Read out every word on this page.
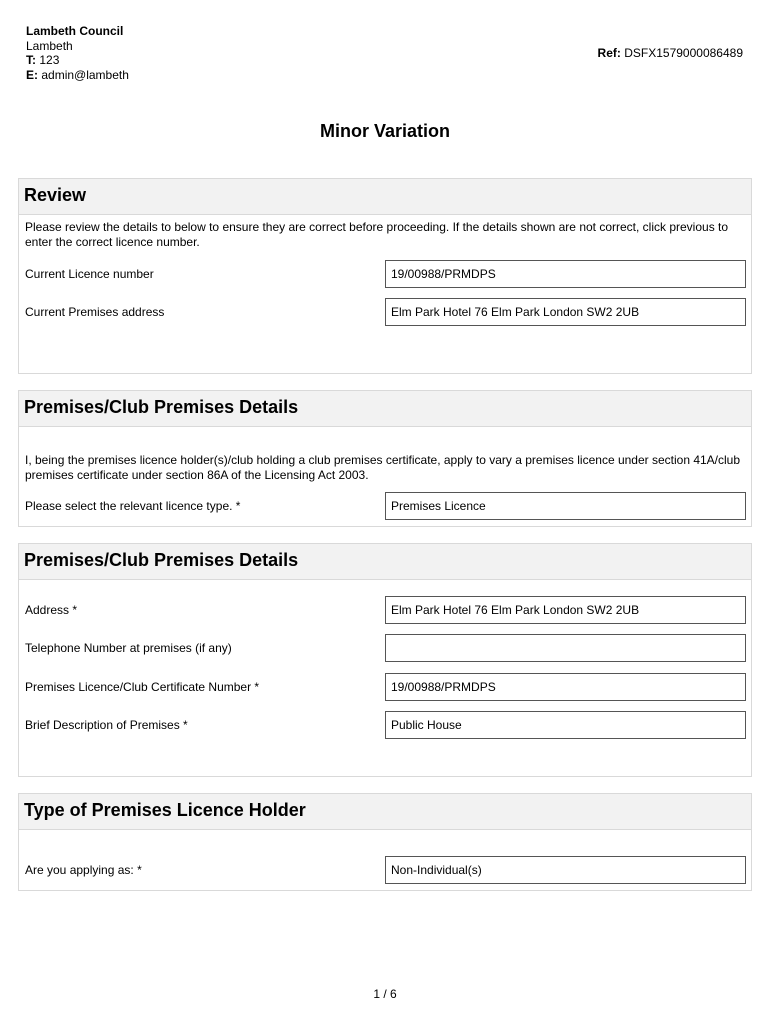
Lambeth Council
Lambeth
T: 123
E: admin@lambeth
Ref: DSFX1579000086489
Minor Variation
Review
Please review the details to below to ensure they are correct before proceeding. If the details shown are not correct, click previous to enter the correct licence number.
Current Licence number	19/00988/PRMDPS
Current Premises address	Elm Park Hotel 76 Elm Park London SW2 2UB
Premises/Club Premises Details
I, being the premises licence holder(s)/club holding a club premises certificate, apply to vary a premises licence under section 41A/club premises certificate under section 86A of the Licensing Act 2003.
Please select the relevant licence type. *	Premises Licence
Premises/Club Premises Details
Address *	Elm Park Hotel 76 Elm Park London SW2 2UB
Telephone Number at premises (if any)
Premises Licence/Club Certificate Number *	19/00988/PRMDPS
Brief Description of Premises *	Public House
Type of Premises Licence Holder
Are you applying as: *	Non-Individual(s)
1 / 6
